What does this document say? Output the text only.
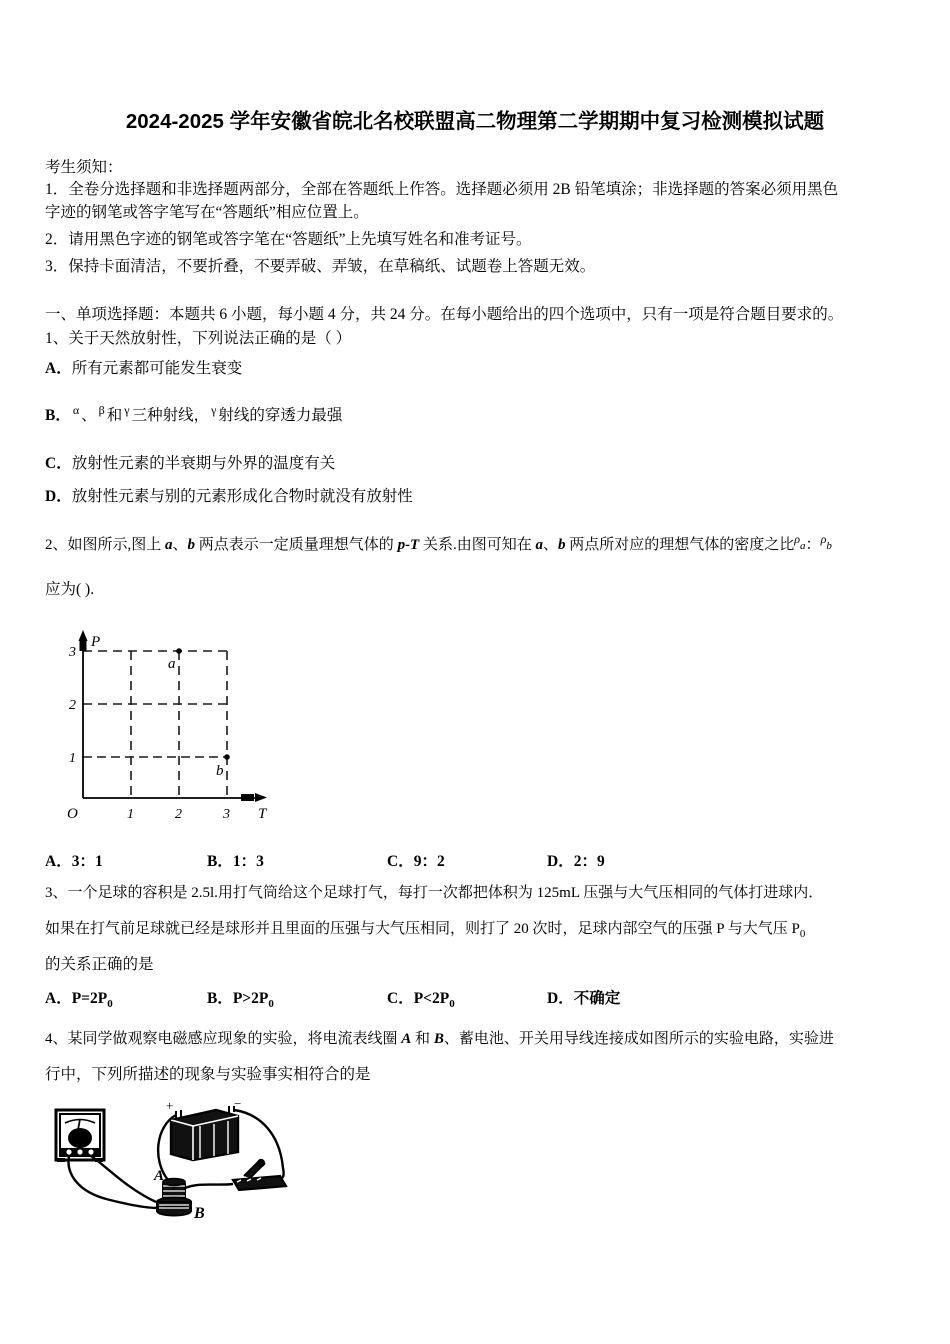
2024-2025 学年安徽省皖北名校联盟高二物理第二学期期中复习检测模拟试题
考生须知：
1．全卷分选择题和非选择题两部分，全部在答题纸上作答。选择题必须用 2B 铅笔填涂；非选择题的答案必须用黑色
字迹的钢笔或答字笔写在“答题纸”相应位置上。
2．请用黑色字迹的钢笔或答字笔在“答题纸”上先填写姓名和准考证号。
3．保持卡面清洁，不要折叠，不要弄破、弄皱，在草稿纸、试题卷上答题无效。
一、单项选择题：本题共 6 小题，每小题 4 分，共 24 分。在每小题给出的四个选项中，只有一项是符合题目要求的。
1、关于天然放射性，下列说法正确的是（ ）
A．所有元素都可能发生衰变
B． $^\alpha$ 、 $^\beta$ 和 $^\gamma$ 三种射线， $^\gamma$ 射线的穿透力最强
C．放射性元素的半衰期与外界的温度有关
D．放射性元素与别的元素形成化合物时就没有放射性
2、如图所示,图上 a、b 两点表示一定质量理想气体的 p-T 关系.由图可知在 a、b 两点所对应的理想气体的密度之比$^\rho$a：$^\rho$b
应为( ).
3
2
1
1	2	3
P
T
O
a
b
A．3：1	B．1：3	C．9：2	D．2：9
3、一个足球的容积是 2.5l.用打气筒给这个足球打气，每打一次都把体积为 125mL 压强与大气压相同的气体打进球内．
如果在打气前足球就已经是球形并且里面的压强与大气压相同，则打了 20 次时，足球内部空气的压强 P 与大气压 $P_0$
的关系正确的是
A．$P=2P_0$	B．$P>2P_0$	C．$P<2P_0$	D．不确定
4、某同学做观察电磁感应现象的实验，将电流表线圈 A 和 B、蓄电池、开关用导线连接成如图所示的实验电路，实验进
行中，下列所描述的现象与实验事实相符合的是
+	−
A
B
